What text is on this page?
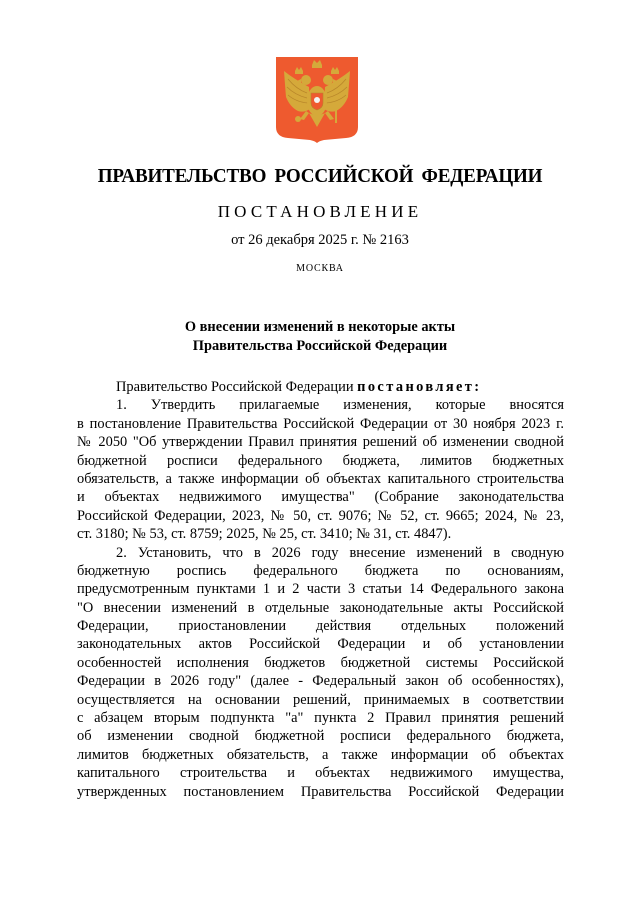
ПРАВИТЕЛЬСТВО РОССИЙСКОЙ ФЕДЕРАЦИИ
ПОСТАНОВЛЕНИЕ
от 26 декабря 2025 г. № 2163
МОСКВА
О внесении изменений в некоторые акты
Правительства Российской Федерации
Правительство Российской Федерации постановляет:
1. Утвердить прилагаемые изменения, которые вносятся
в постановление Правительства Российской Федерации от 30 ноября 2023 г.
№ 2050 "Об утверждении Правил принятия решений об изменении сводной
бюджетной росписи федерального бюджета, лимитов бюджетных
обязательств, а также информации об объектах капитального строительства
и объектах недвижимого имущества" (Собрание законодательства
Российской Федерации, 2023, № 50, ст. 9076; № 52, ст. 9665; 2024, № 23,
ст. 3180; № 53, ст. 8759; 2025, № 25, ст. 3410; № 31, ст. 4847).
2. Установить, что в 2026 году внесение изменений в сводную
бюджетную роспись федерального бюджета по основаниям,
предусмотренным пунктами 1 и 2 части 3 статьи 14 Федерального закона
"О внесении изменений в отдельные законодательные акты Российской
Федерации, приостановлении действия отдельных положений
законодательных актов Российской Федерации и об установлении
особенностей исполнения бюджетов бюджетной системы Российской
Федерации в 2026 году" (далее - Федеральный закон об особенностях),
осуществляется на основании решений, принимаемых в соответствии
с абзацем вторым подпункта "а" пункта 2 Правил принятия решений
об изменении сводной бюджетной росписи федерального бюджета,
лимитов бюджетных обязательств, а также информации об объектах
капитального строительства и объектах недвижимого имущества,
утвержденных постановлением Правительства Российской Федерации
